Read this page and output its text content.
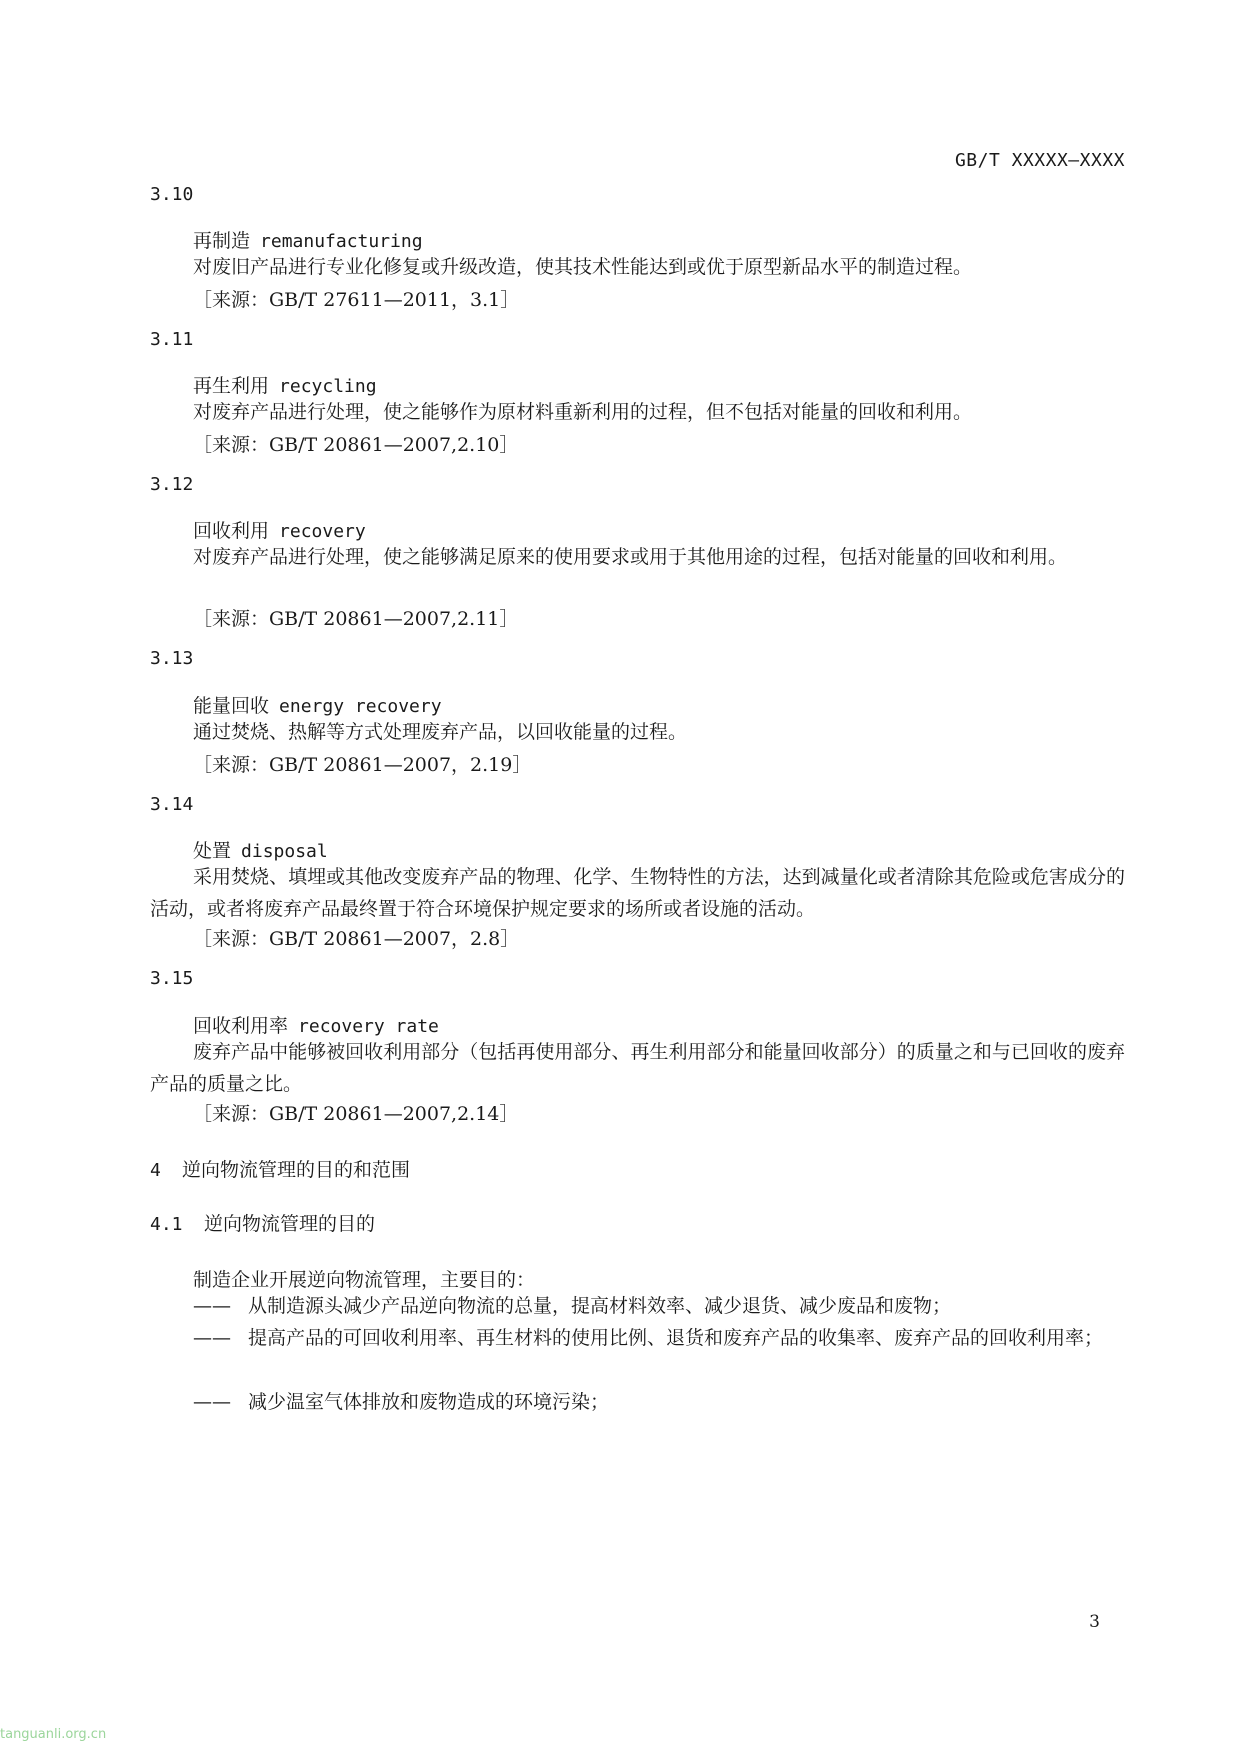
GB/T XXXXX—XXXX
3.10
再制造 remanufacturing
对废旧产品进行专业化修复或升级改造，使其技术性能达到或优于原型新品水平的制造过程。
［来源：GB/T 27611—2011，3.1］
3.11
再生利用 recycling
对废弃产品进行处理，使之能够作为原材料重新利用的过程，但不包括对能量的回收和利用。
［来源：GB/T 20861—2007,2.10］
3.12
回收利用 recovery
对废弃产品进行处理，使之能够满足原来的使用要求或用于其他用途的过程，包括对能量的回收和利用。
［来源：GB/T 20861—2007,2.11］
3.13
能量回收 energy recovery
通过焚烧、热解等方式处理废弃产品，以回收能量的过程。
［来源：GB/T 20861—2007，2.19］
3.14
处置 disposal
采用焚烧、填埋或其他改变废弃产品的物理、化学、生物特性的方法，达到减量化或者清除其危险或危害成分的活动，或者将废弃产品最终置于符合环境保护规定要求的场所或者设施的活动。
［来源：GB/T 20861—2007，2.8］
3.15
回收利用率 recovery rate
废弃产品中能够被回收利用部分（包括再使用部分、再生利用部分和能量回收部分）的质量之和与已回收的废弃产品的质量之比。
［来源：GB/T 20861—2007,2.14］
4 逆向物流管理的目的和范围
4.1 逆向物流管理的目的
制造企业开展逆向物流管理，主要目的：
—— 从制造源头减少产品逆向物流的总量，提高材料效率、减少退货、减少废品和废物；
—— 提高产品的可回收利用率、再生材料的使用比例、退货和废弃产品的收集率、废弃产品的回收利用率；
—— 减少温室气体排放和废物造成的环境污染；
3
tanguanli.org.cn
